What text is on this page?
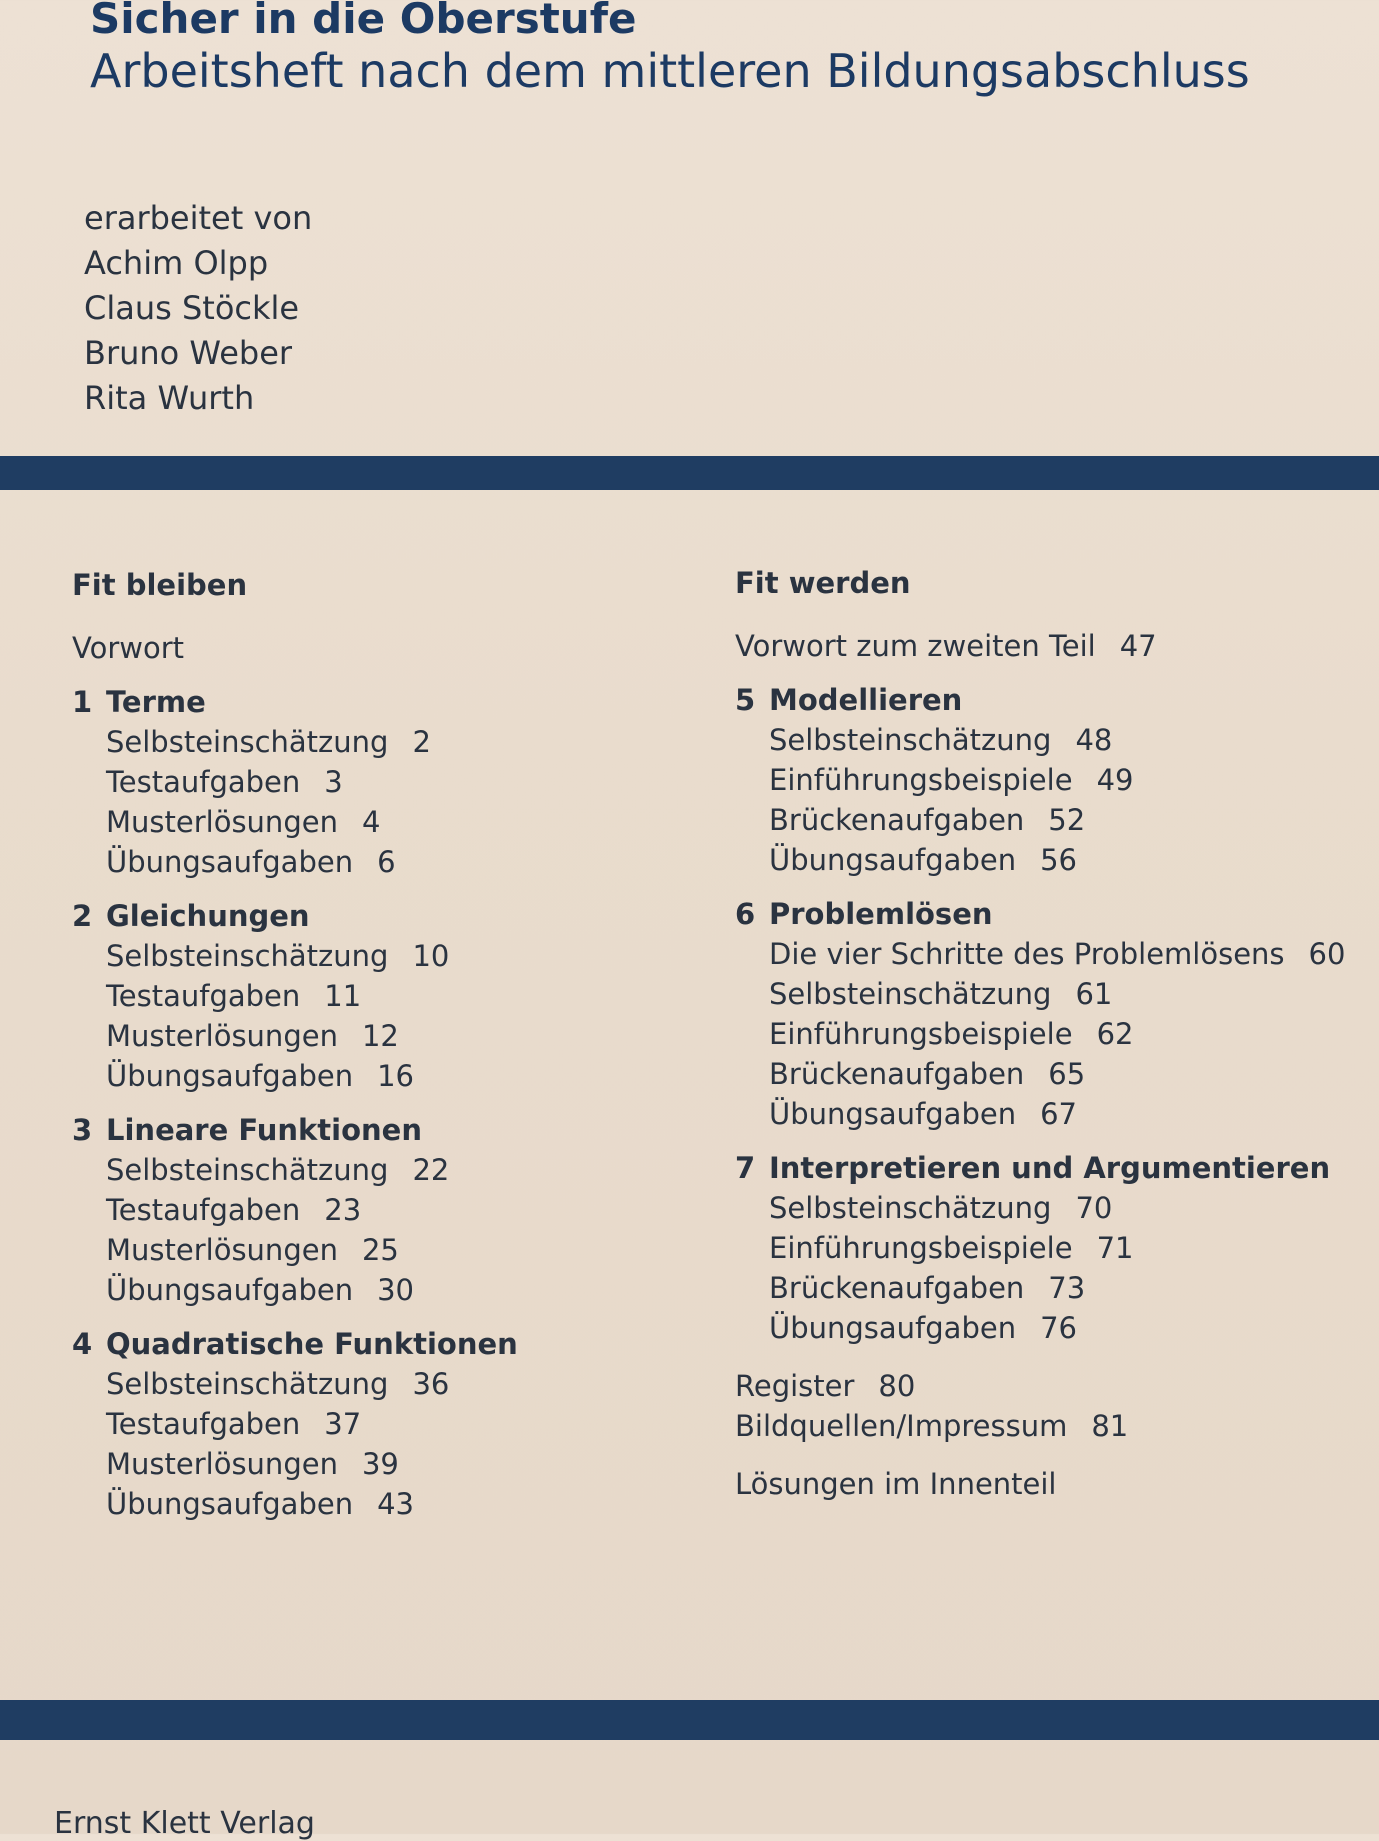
Sicher in die Oberstufe
Arbeitsheft nach dem mittleren Bildungsabschluss
erarbeitet von
Achim Olpp
Claus Stöckle
Bruno Weber
Rita Wurth
Fit bleiben
Vorwort
1 Terme
Selbsteinschätzung 2
Testaufgaben 3
Musterlösungen 4
Übungsaufgaben 6
2 Gleichungen
Selbsteinschätzung 10
Testaufgaben 11
Musterlösungen 12
Übungsaufgaben 16
3 Lineare Funktionen
Selbsteinschätzung 22
Testaufgaben 23
Musterlösungen 25
Übungsaufgaben 30
4 Quadratische Funktionen
Selbsteinschätzung 36
Testaufgaben 37
Musterlösungen 39
Übungsaufgaben 43
Fit werden
Vorwort zum zweiten Teil 47
5 Modellieren
Selbsteinschätzung 48
Einführungsbeispiele 49
Brückenaufgaben 52
Übungsaufgaben 56
6 Problemlösen
Die vier Schritte des Problemlösens 60
Selbsteinschätzung 61
Einführungsbeispiele 62
Brückenaufgaben 65
Übungsaufgaben 67
7 Interpretieren und Argumentieren
Selbsteinschätzung 70
Einführungsbeispiele 71
Brückenaufgaben 73
Übungsaufgaben 76
Register 80
Bildquellen/Impressum 81
Lösungen im Innenteil
Ernst Klett Verlag
